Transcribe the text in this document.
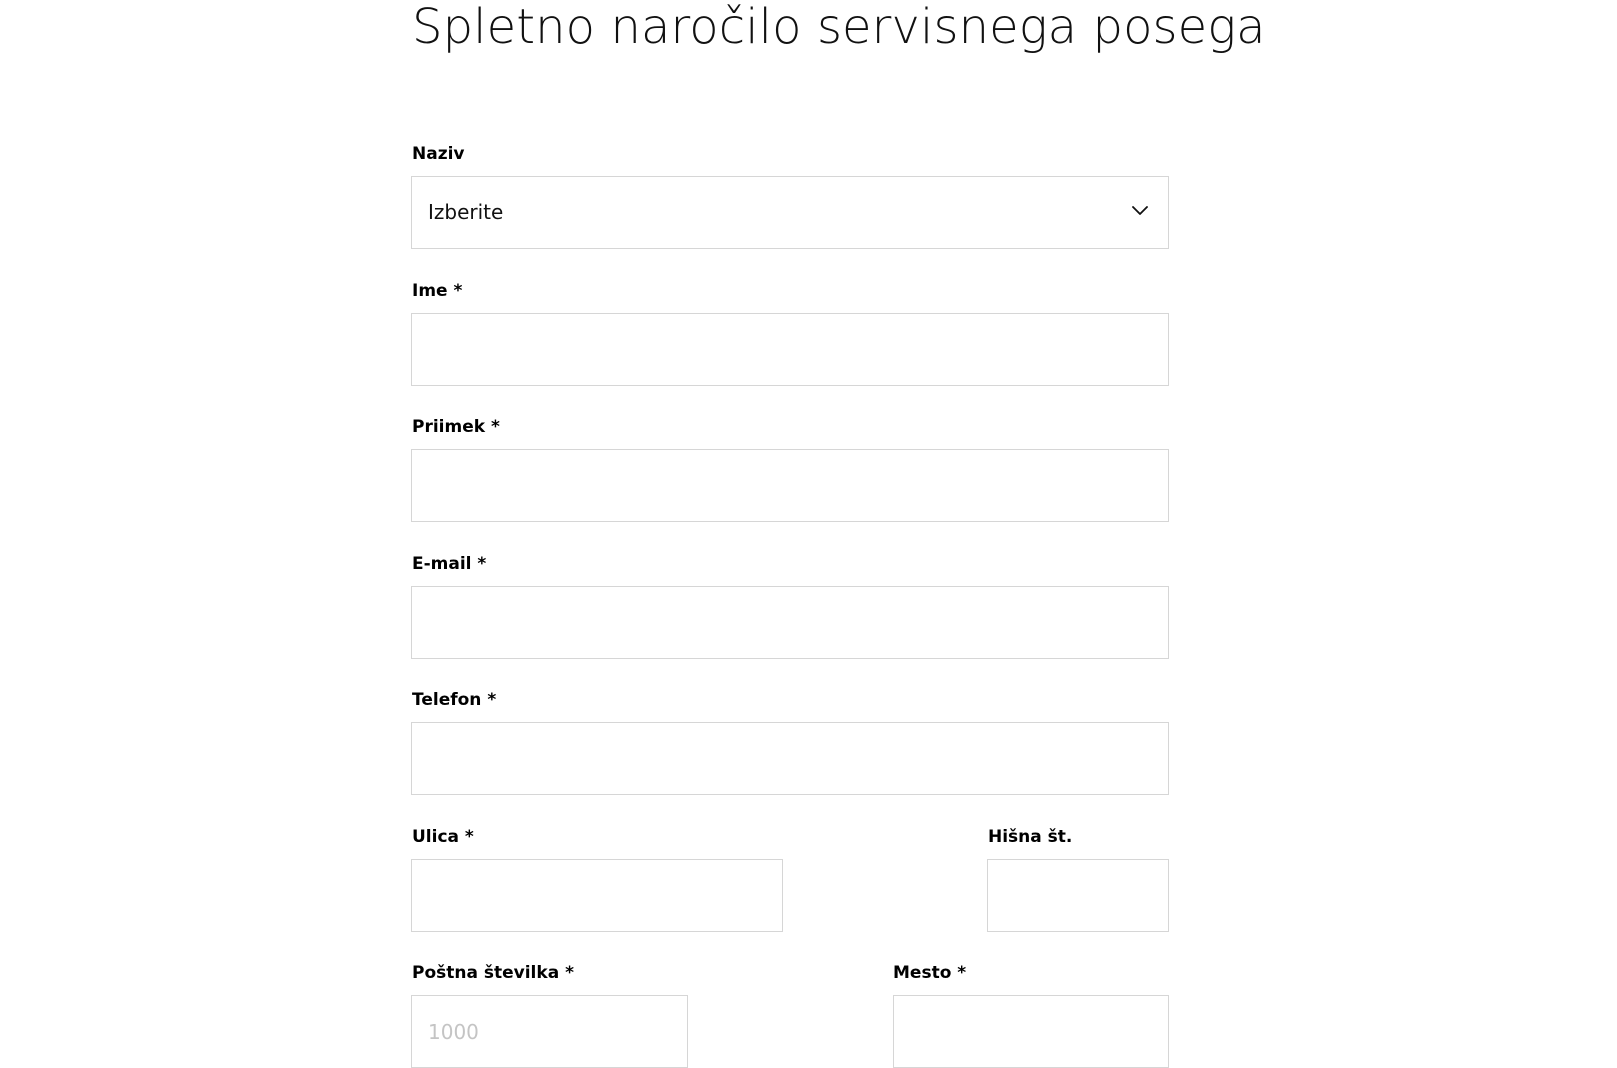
Spletno naročilo servisnega posega
Naziv
Izberite
Ime *
Priimek *
E-mail *
Telefon *
Ulica *	Hišna št.
Poštna številka *
1000	Mesto *
